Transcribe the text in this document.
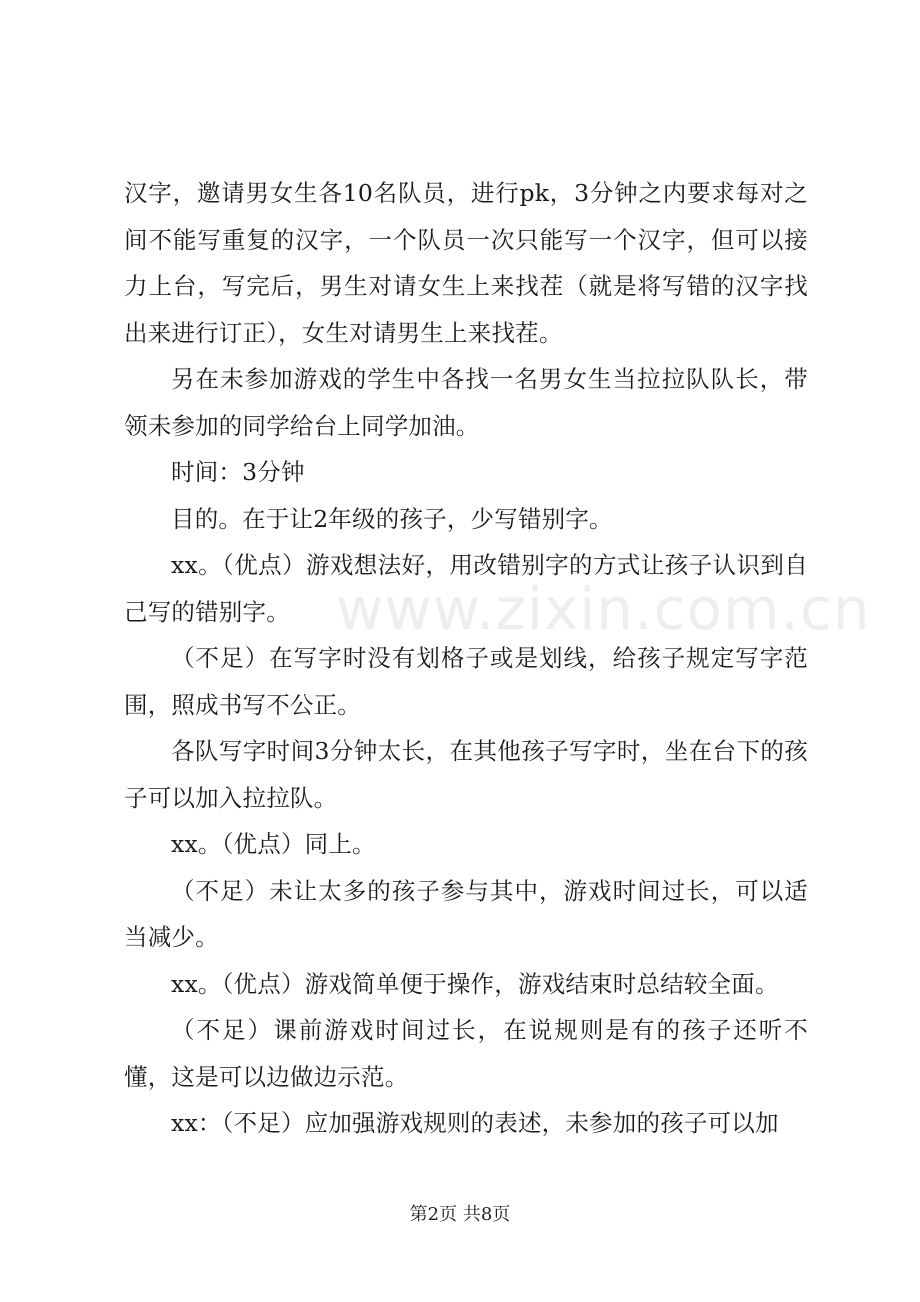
汉字，邀请男女生各10名队员，进行pk，3分钟之内要求每对之间不能写重复的汉字，一个队员一次只能写一个汉字，但可以接力上台，写完后，男生对请女生上来找茬（就是将写错的汉字找出来进行订正），女生对请男生上来找茬。

另在未参加游戏的学生中各找一名男女生当拉拉队队长，带领未参加的同学给台上同学加油。

时间：3分钟

目的。在于让2年级的孩子，少写错别字。

xx。（优点）游戏想法好，用改错别字的方式让孩子认识到自己写的错别字。

（不足）在写字时没有划格子或是划线，给孩子规定写字范围，照成书写不公正。

各队写字时间3分钟太长，在其他孩子写字时，坐在台下的孩子可以加入拉拉队。

xx。（优点）同上。

（不足）未让太多的孩子参与其中，游戏时间过长，可以适当减少。

xx。（优点）游戏简单便于操作，游戏结束时总结较全面。

（不足）课前游戏时间过长，在说规则是有的孩子还听不懂，这是可以边做边示范。

xx：（不足）应加强游戏规则的表述，未参加的孩子可以加

www.zixin.com.cn
第2页 共8页
